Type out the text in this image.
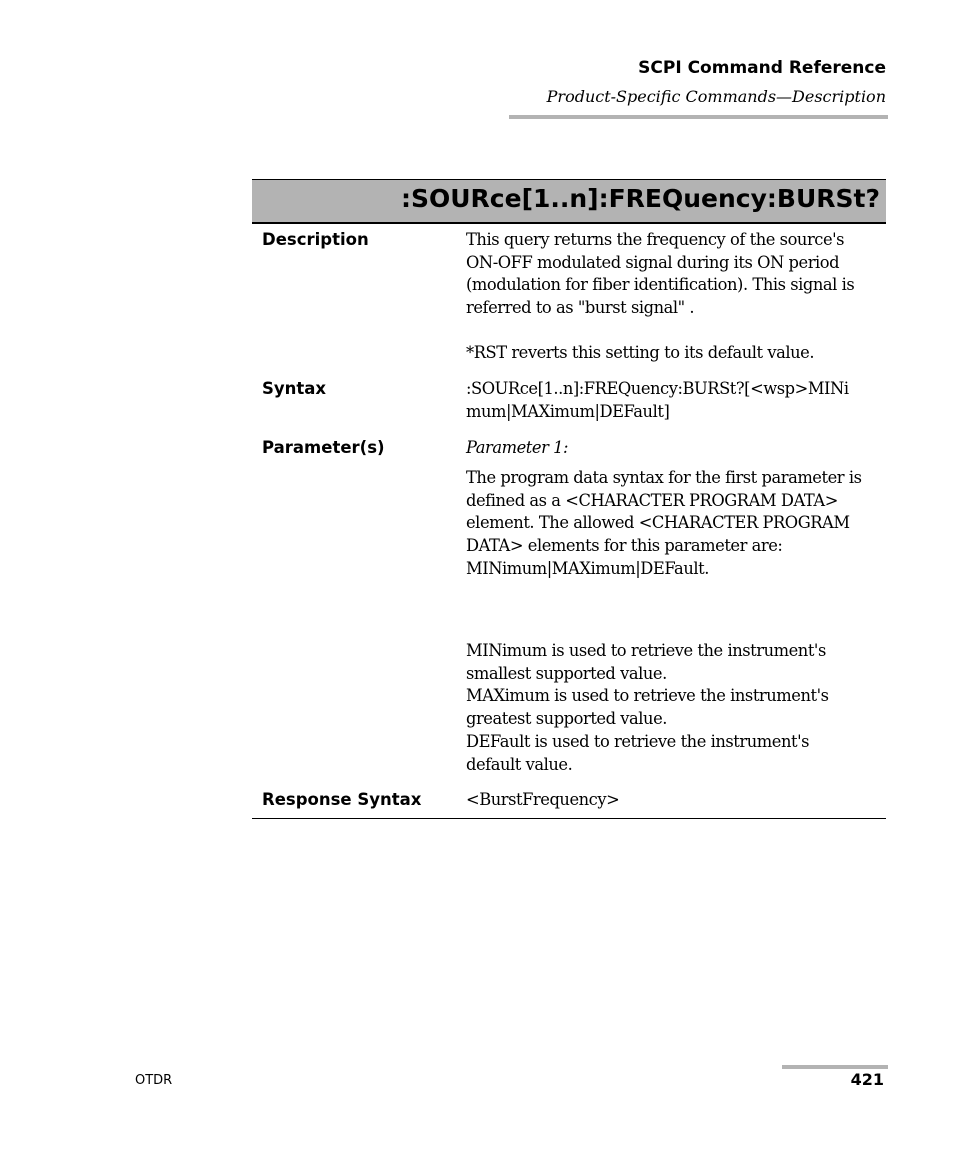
SCPI Command Reference
Product-Specific Commands—Description
:SOURce[1..n]:FREQuency:BURSt?
Description	This query returns the frequency of the source's
ON-OFF modulated signal during its ON period
(modulation for fiber identification). This signal is
referred to as "burst signal" .
*RST reverts this setting to its default value.
Syntax	:SOURce[1..n]:FREQuency:BURSt?[<wsp>MINi
mum|MAXimum|DEFault]
Parameter(s)	Parameter 1:
The program data syntax for the first parameter is
defined as a <CHARACTER PROGRAM DATA>
element. The allowed <CHARACTER PROGRAM
DATA> elements for this parameter are:
MINimum|MAXimum|DEFault.
MINimum is used to retrieve the instrument's
smallest supported value.
MAXimum is used to retrieve the instrument's
greatest supported value.
DEFault is used to retrieve the instrument's
default value.
Response Syntax	<BurstFrequency>
OTDR	421
